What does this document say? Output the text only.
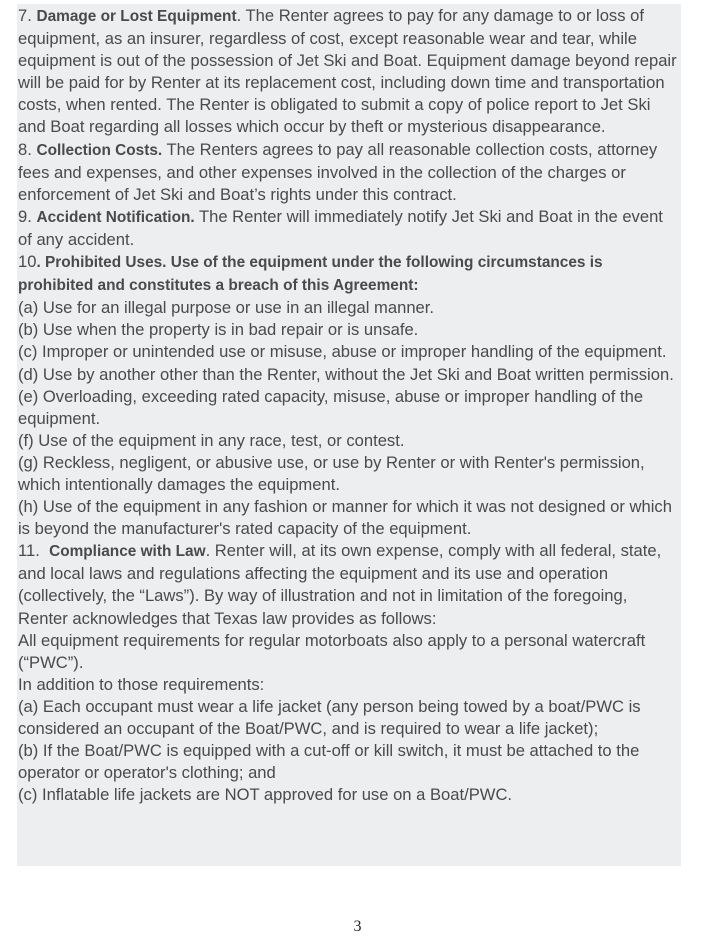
7. Damage or Lost Equipment. The Renter agrees to pay for any damage to or loss of equipment, as an insurer, regardless of cost, except reasonable wear and tear, while equipment is out of the possession of Jet Ski and Boat. Equipment damage beyond repair will be paid for by Renter at its replacement cost, including down time and transportation costs, when rented. The Renter is obligated to submit a copy of police report to Jet Ski and Boat regarding all losses which occur by theft or mysterious disappearance.

8. Collection Costs. The Renters agrees to pay all reasonable collection costs, attorney fees and expenses, and other expenses involved in the collection of the charges or enforcement of Jet Ski and Boat’s rights under this contract.

9. Accident Notification. The Renter will immediately notify Jet Ski and Boat in the event of any accident.

10. Prohibited Uses. Use of the equipment under the following circumstances is prohibited and constitutes a breach of this Agreement:

(a) Use for an illegal purpose or use in an illegal manner.

(b) Use when the property is in bad repair or is unsafe.

(c) Improper or unintended use or misuse, abuse or improper handling of the equipment.

(d) Use by another other than the Renter, without the Jet Ski and Boat written permission.

(e) Overloading, exceeding rated capacity, misuse, abuse or improper handling of the equipment.

(f) Use of the equipment in any race, test, or contest.

(g) Reckless, negligent, or abusive use, or use by Renter or with Renter's permission, which intentionally damages the equipment.

(h) Use of the equipment in any fashion or manner for which it was not designed or which is beyond the manufacturer's rated capacity of the equipment.

11. Compliance with Law. Renter will, at its own expense, comply with all federal, state, and local laws and regulations affecting the equipment and its use and operation (collectively, the “Laws”). By way of illustration and not in limitation of the foregoing, Renter acknowledges that Texas law provides as follows:

All equipment requirements for regular motorboats also apply to a personal watercraft (“PWC”).

In addition to those requirements:

(a) Each occupant must wear a life jacket (any person being towed by a boat/PWC is considered an occupant of the Boat/PWC, and is required to wear a life jacket);

(b) If the Boat/PWC is equipped with a cut-off or kill switch, it must be attached to the operator or operator's clothing; and

(c) Inflatable life jackets are NOT approved for use on a Boat/PWC.

3
